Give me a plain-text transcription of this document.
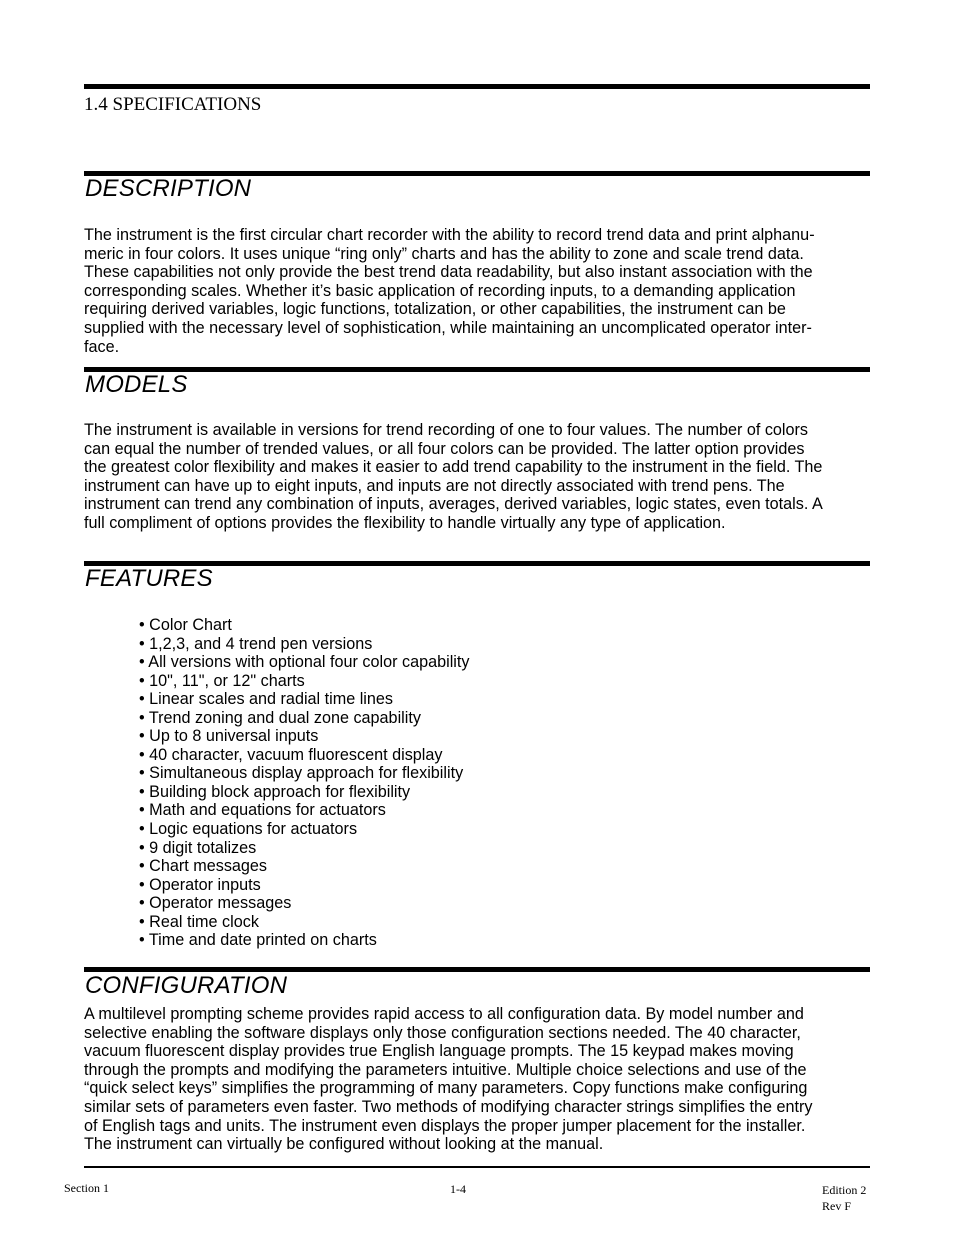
1.4 SPECIFICATIONS
DESCRIPTION

The instrument is the first circular chart recorder with the ability to record trend data and print alphanu-
meric in four colors. It uses unique “ring only” charts and has the ability to zone and scale trend data.
These capabilities not only provide the best trend data readability, but also instant association with the
corresponding scales. Whether it’s basic application of recording inputs, to a demanding application
requiring derived variables, logic functions, totalization, or other capabilities, the instrument can be
supplied with the necessary level of sophistication, while maintaining an uncomplicated operator inter-
face.

MODELS

The instrument is available in versions for trend recording of one to four values. The number of colors
can equal the number of trended values, or all four colors can be provided. The latter option provides
the greatest color flexibility and makes it easier to add trend capability to the instrument in the field. The
instrument can have up to eight inputs, and inputs are not directly associated with trend pens. The
instrument can trend any combination of inputs, averages, derived variables, logic states, even totals. A
full compliment of options provides the flexibility to handle virtually any type of application.

FEATURES
• Color Chart
• 1,2,3, and 4 trend pen versions
• All versions with optional four color capability
• 10", 11", or 12" charts
• Linear scales and radial time lines
• Trend zoning and dual zone capability
• Up to 8 universal inputs
• 40 character, vacuum fluorescent display
• Simultaneous display approach for flexibility
• Building block approach for flexibility
• Math and equations for actuators
• Logic equations for actuators
• 9 digit totalizes
• Chart messages
• Operator inputs
• Operator messages
• Real time clock
• Time and date printed on charts
CONFIGURATION

A multilevel prompting scheme provides rapid access to all configuration data. By model number and
selective enabling the software displays only those configuration sections needed. The 40 character,
vacuum fluorescent display provides true English language prompts. The 15 keypad makes moving
through the prompts and modifying the parameters intuitive. Multiple choice selections and use of the
“quick select keys” simplifies the programming of many parameters. Copy functions make configuring
similar sets of parameters even faster. Two methods of modifying character strings simplifies the entry
of English tags and units. The instrument even displays the proper jumper placement for the installer.
The instrument can virtually be configured without looking at the manual.

Section 1	1-4	Edition 2
Rev F
